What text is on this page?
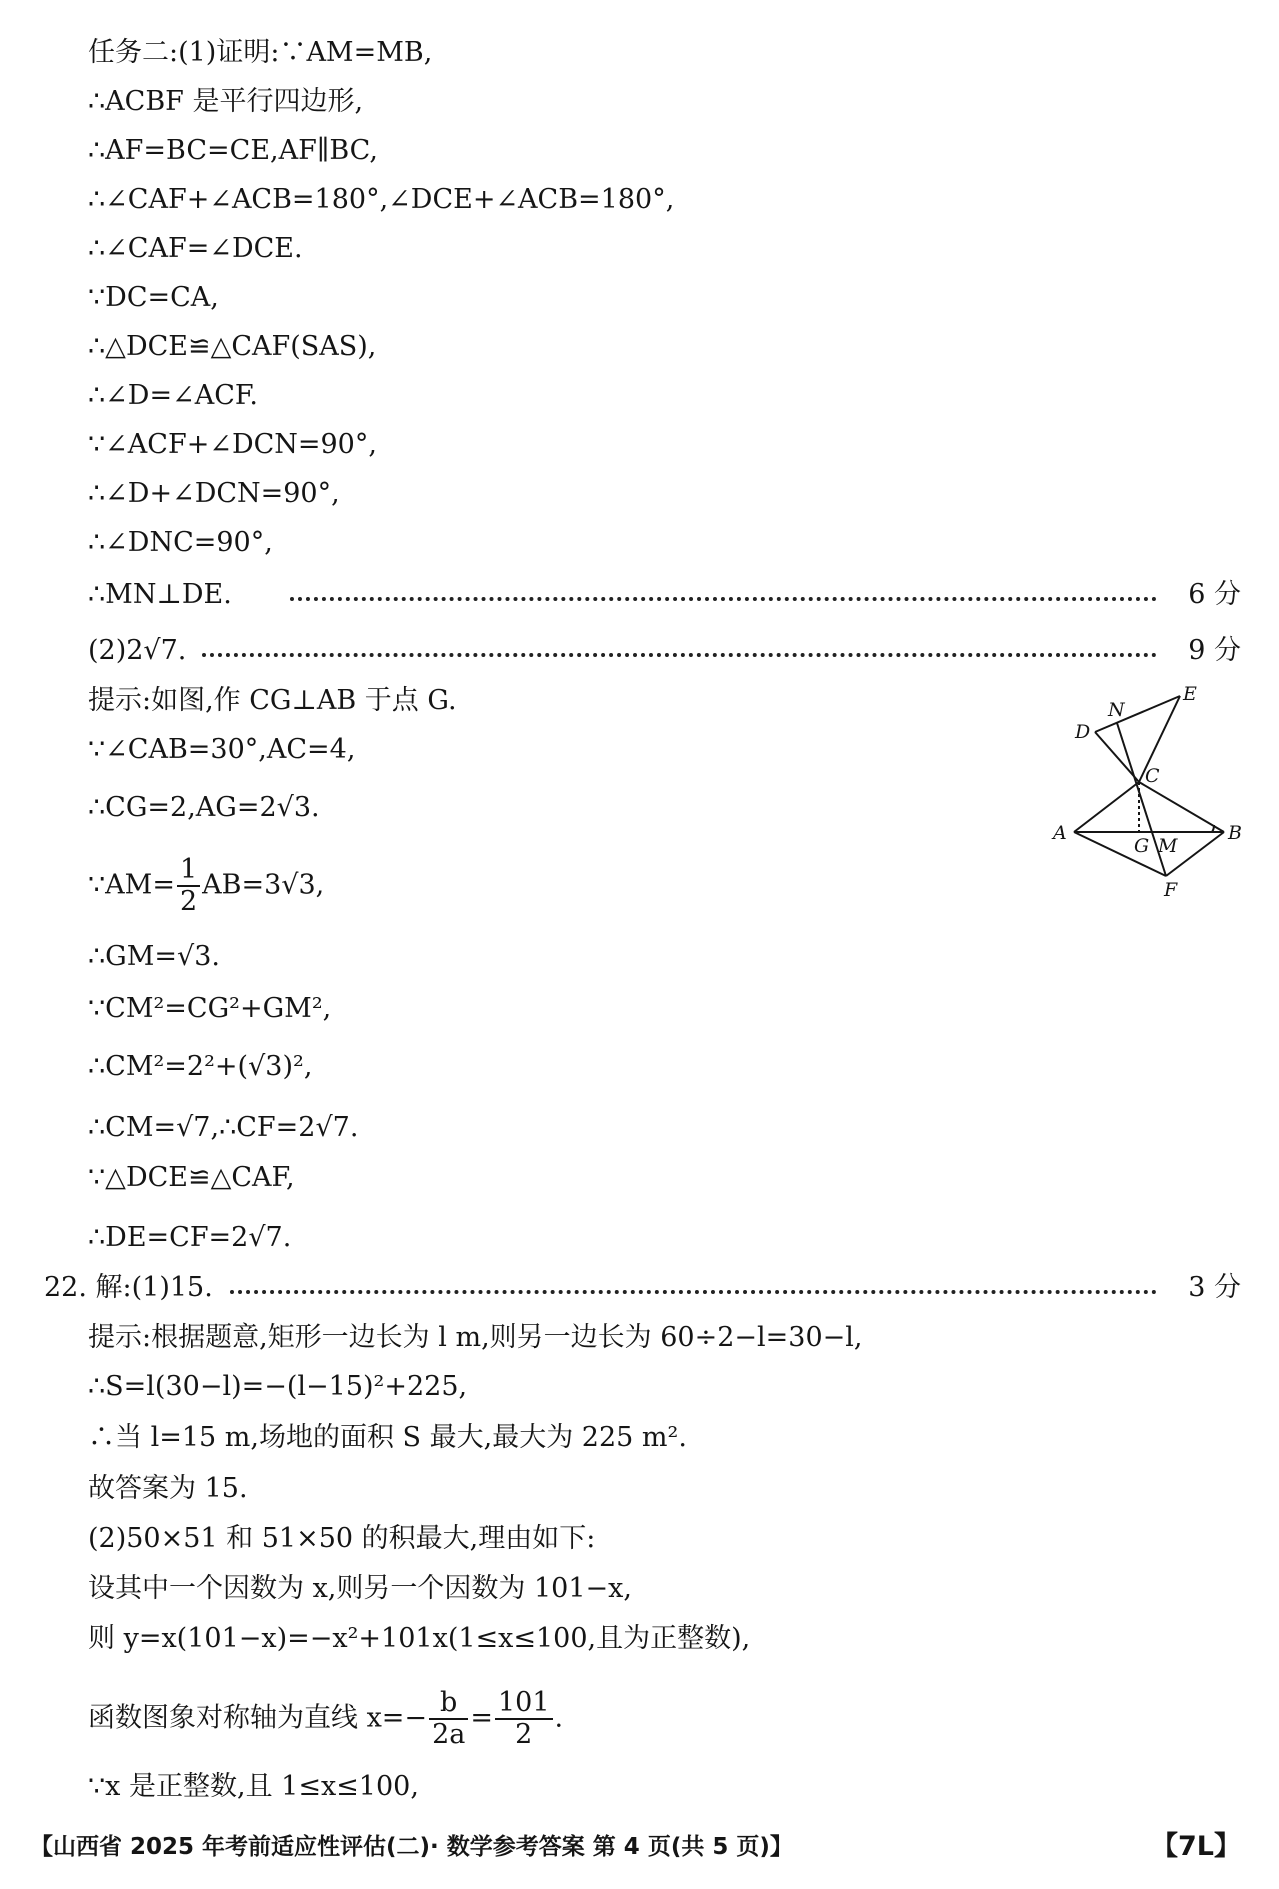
任务二:(1)证明:∵AM=MB,
∴ACBF 是平行四边形,
∴AF=BC=CE,AF∥BC,
∴∠CAF+∠ACB=180°,∠DCE+∠ACB=180°,
∴∠CAF=∠DCE.
∵DC=CA,
∴△DCE≌△CAF(SAS),
∴∠D=∠ACF.
∵∠ACF+∠DCN=90°,
∴∠D+∠DCN=90°,
∴∠DNC=90°,
∴MN⊥DE.	6 分
(2)2√7.	9 分
提示:如图,作 CG⊥AB 于点 G.
∵∠CAB=30°,AC=4,
∴CG=2,AG=2√3.
∵AM= $\frac{1}{2} AB=3√3$,
∴GM=√3.
∵CM²=CG²+GM²,
∴CM²=2²+(√3)²,
∴CM=√7,∴CF=2√7.
∵△DCE≌△CAF,
∴DE=CF=2√7.
N
E
D
C
A
G M
B
F
22. 解:(1)15.	3 分
提示:根据题意,矩形一边长为 l m,则另一边长为 60÷2−l=30−l,
∴S=l(30−l)=−(l−15)²+225,
∴当 l=15 m,场地的面积 S 最大,最大为 225 m².
故答案为 15.
(2)50×51 和 51×50 的积最大,理由如下:
设其中一个因数为 x,则另一个因数为 101−x,
则 y=x(101−x)=−x²+101x(1≤x≤100,且为正整数),
函数图象对称轴为直线 $x=- \frac{b}{2a} = \frac{101}{2}$ .
∵x 是正整数,且 1≤x≤100,
【山西省 2025 年考前适应性评估(二)· 数学参考答案 第 4 页(共 5 页)】	【7L】
